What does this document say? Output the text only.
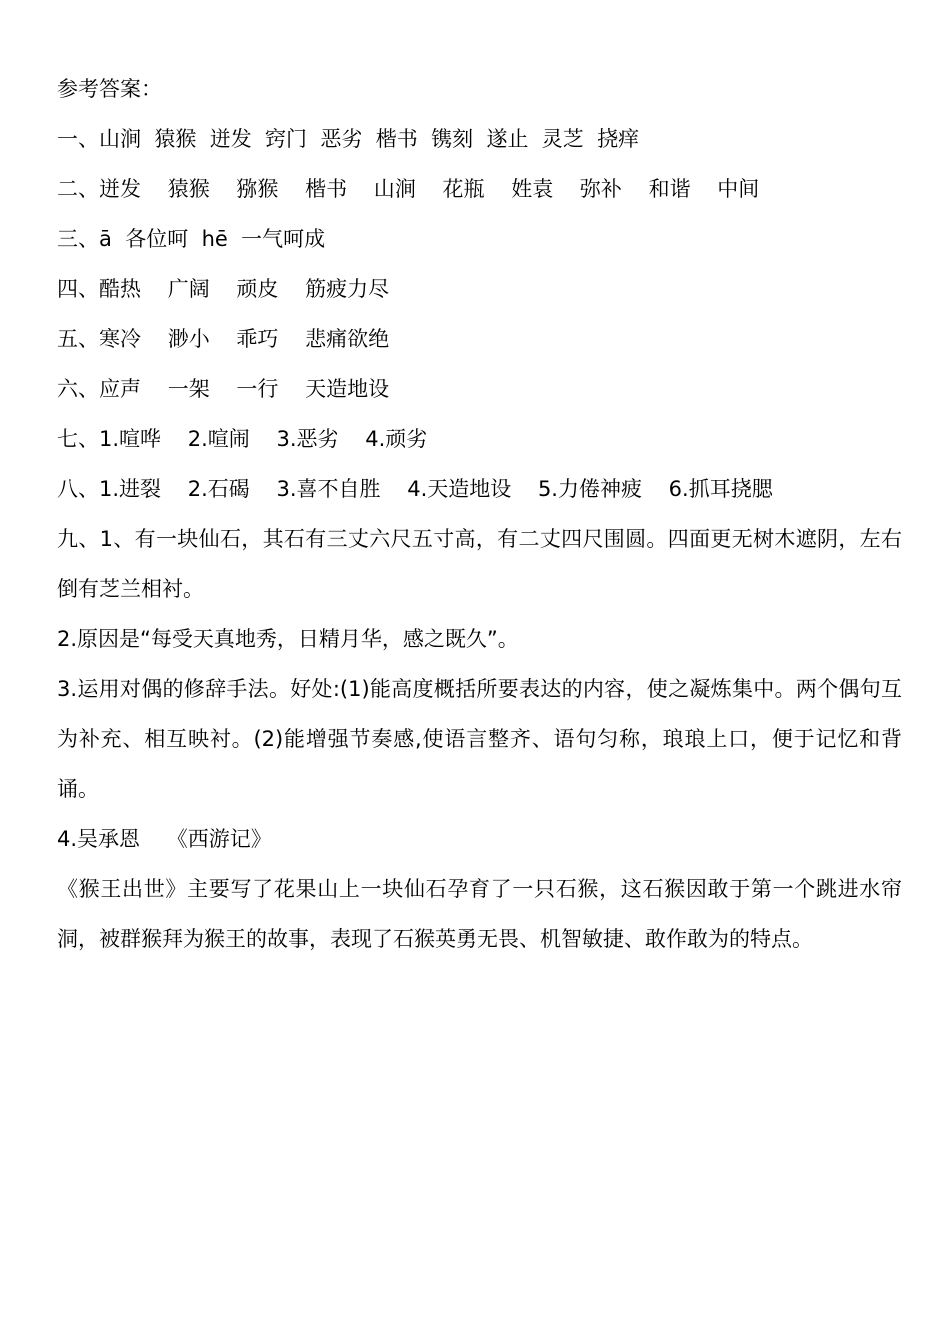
参考答案：

一、山涧  猿猴  迸发  窍门  恶劣  楷书  镌刻  遂止  灵芝  挠痒

二、迸发    猿猴    猕猴    楷书    山涧    花瓶    姓袁    弥补    和谐    中间

三、ā  各位呵  hē  一气呵成

四、酷热    广阔    顽皮    筋疲力尽

五、寒冷    渺小    乖巧    悲痛欲绝

六、应声    一架    一行    天造地设

七、1.喧哗    2.喧闹    3.恶劣    4.顽劣

八、1.进裂    2.石碣    3.喜不自胜    4.天造地设    5.力倦神疲    6.抓耳挠腮

九、1、有一块仙石，其石有三丈六尺五寸高，有二丈四尺围圆。四面更无树木遮阴，左右倒有芝兰相衬。

2.原因是“每受天真地秀，日精月华，感之既久”。

3.运用对偶的修辞手法。好处:(1)能高度概括所要表达的内容，使之凝炼集中。两个偶句互为补充、相互映衬。(2)能增强节奏感,使语言整齐、语句匀称，琅琅上口，便于记忆和背诵。

4.吴承恩    《西游记》

《猴王出世》主要写了花果山上一块仙石孕育了一只石猴，这石猴因敢于第一个跳进水帘洞，被群猴拜为猴王的故事，表现了石猴英勇无畏、机智敏捷、敢作敢为的特点。
